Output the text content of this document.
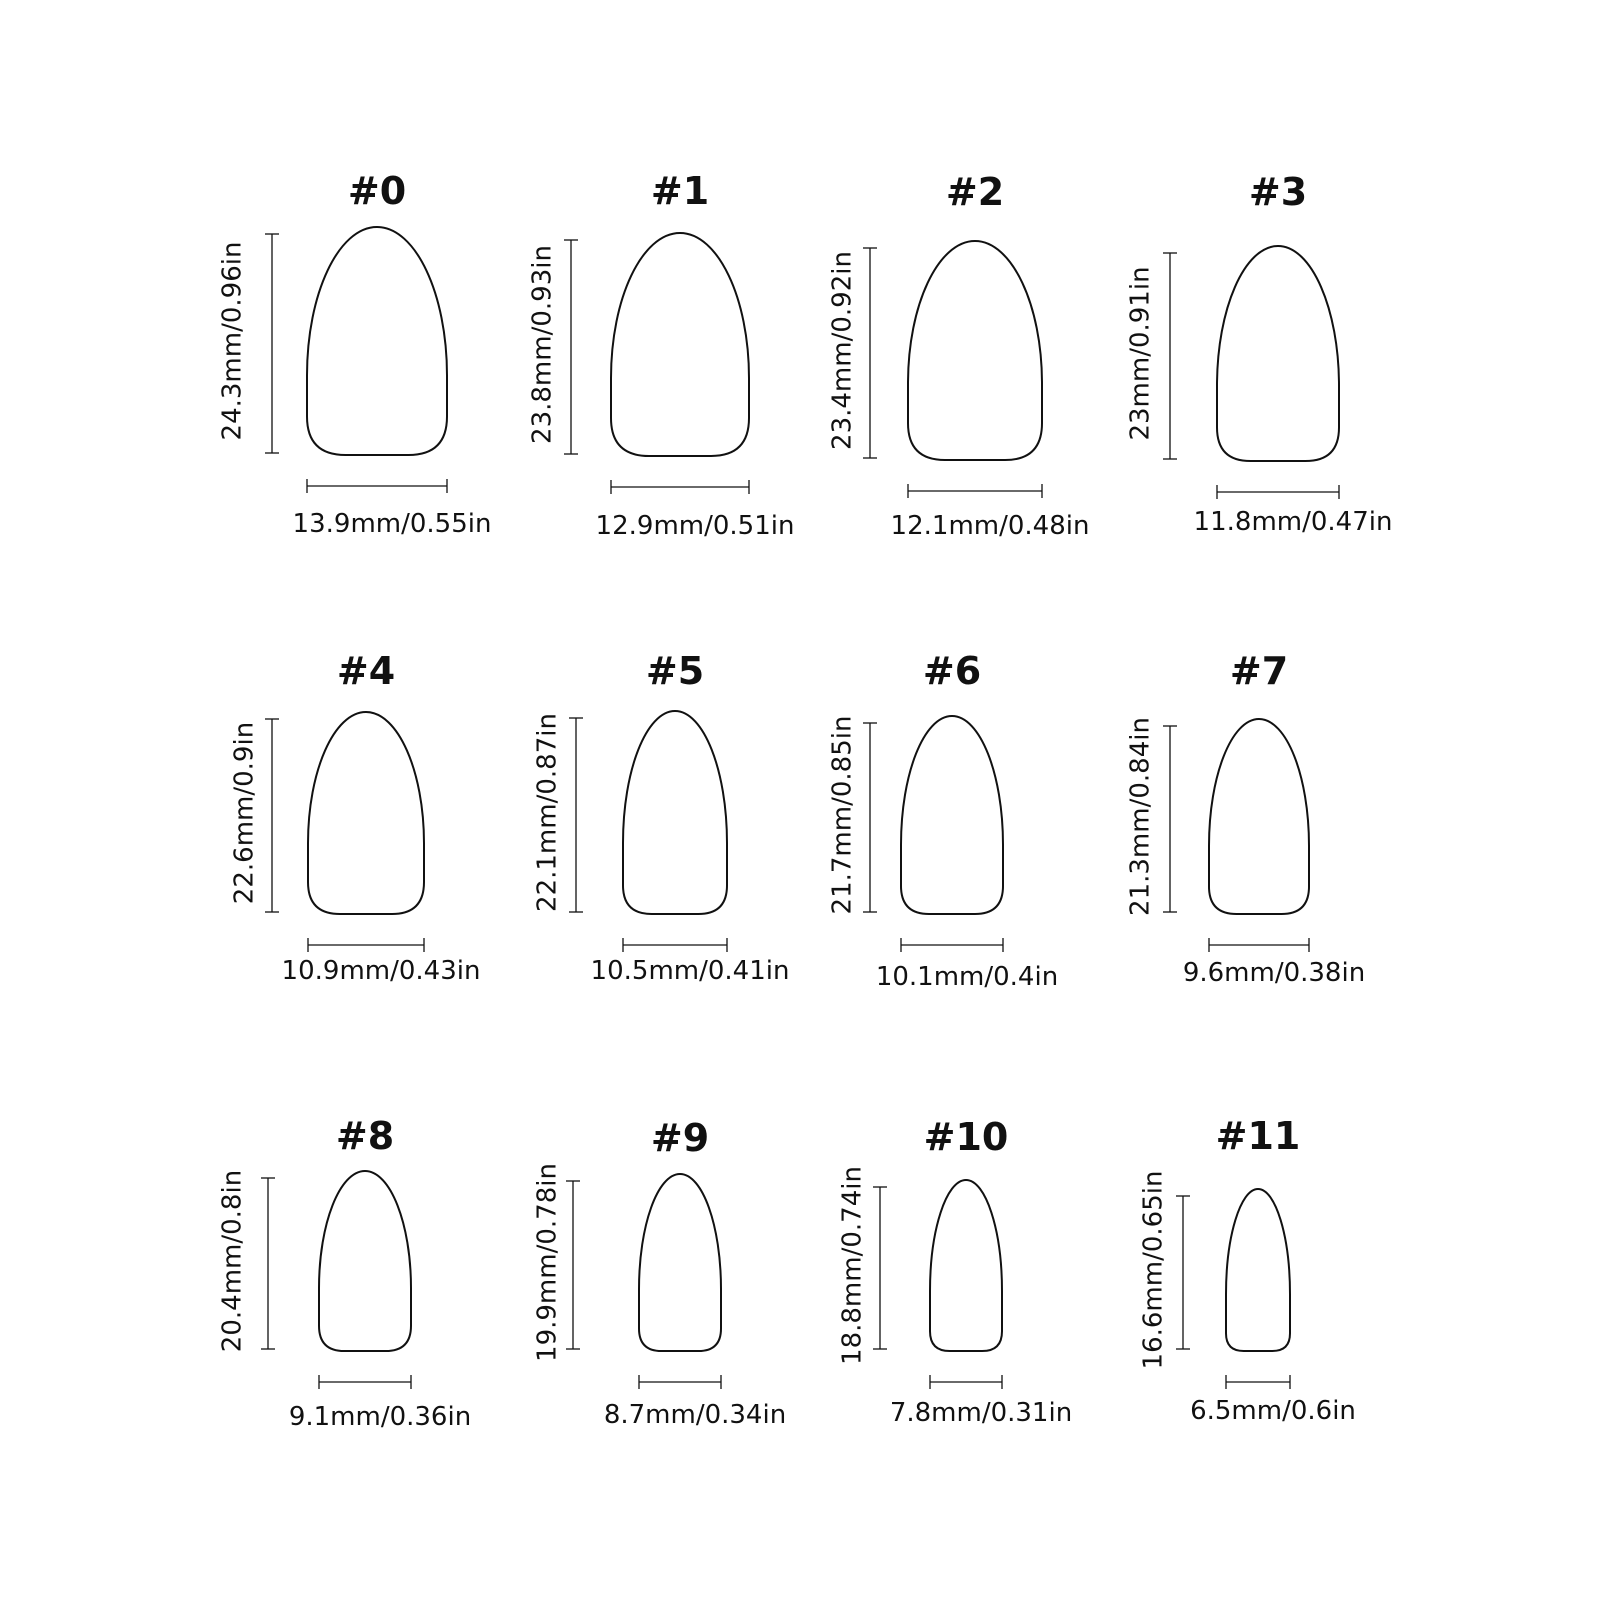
#0
24.3mm/0.96in
13.9mm/0.55in
#1
23.8mm/0.93in
12.9mm/0.51in
#2
23.4mm/0.92in
12.1mm/0.48in
#3
23mm/0.91in
11.8mm/0.47in
#4
22.6mm/0.9in
10.9mm/0.43in
#5
22.1mm/0.87in
10.5mm/0.41in
#6
21.7mm/0.85in
10.1mm/0.4in
#7
21.3mm/0.84in
9.6mm/0.38in
#8
20.4mm/0.8in
9.1mm/0.36in
#9
19.9mm/0.78in
8.7mm/0.34in
#10
18.8mm/0.74in
7.8mm/0.31in
#11
16.6mm/0.65in
6.5mm/0.6in
